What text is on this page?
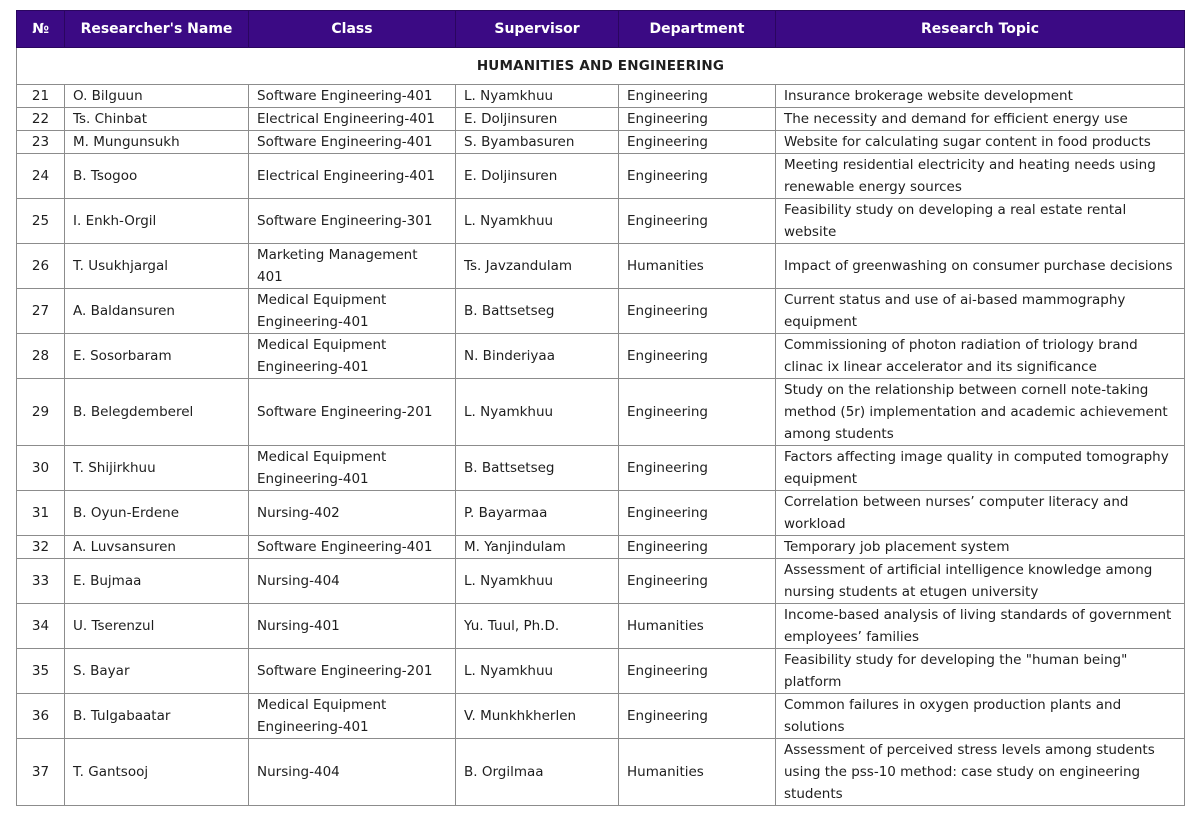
№	Researcher's Name	Class	Supervisor	Department	Research Topic
HUMANITIES AND ENGINEERING					
21	O. Bilguun	Software Engineering-401	L. Nyamkhuu	Engineering	Insurance brokerage website development
22	Ts. Chinbat	Electrical Engineering-401	E. Doljinsuren	Engineering	The necessity and demand for efficient energy use
23	M. Mungunsukh	Software Engineering-401	S. Byambasuren	Engineering	Website for calculating sugar content in food products
24	B. Tsogoo	Electrical Engineering-401	E. Doljinsuren	Engineering	Meeting residential electricity and heating needs using renewable energy sources
25	I. Enkh-Orgil	Software Engineering-301	L. Nyamkhuu	Engineering	Feasibility study on developing a real estate rental website
26	T. Usukhjargal	Marketing Management 401	Ts. Javzandulam	Humanities	Impact of greenwashing on consumer purchase decisions
27	A. Baldansuren	Medical Equipment Engineering-401	B. Battsetseg	Engineering	Current status and use of ai-based mammography equipment
28	E. Sosorbaram	Medical Equipment Engineering-401	N. Binderiyaa	Engineering	Commissioning of photon radiation of triology brand clinac ix linear accelerator and its significance
29	B. Belegdemberel	Software Engineering-201	L. Nyamkhuu	Engineering	Study on the relationship between cornell note-taking method (5r) implementation and academic achievement among students
30	T. Shijirkhuu	Medical Equipment Engineering-401	B. Battsetseg	Engineering	Factors affecting image quality in computed tomography equipment
31	B. Oyun-Erdene	Nursing-402	P. Bayarmaa	Engineering	Correlation between nurses’ computer literacy and workload
32	A. Luvsansuren	Software Engineering-401	M. Yanjindulam	Engineering	Temporary job placement system
33	E. Bujmaa	Nursing-404	L. Nyamkhuu	Engineering	Assessment of artificial intelligence knowledge among nursing students at etugen university
34	U. Tserenzul	Nursing-401	Yu. Tuul, Ph.D.	Humanities	Income-based analysis of living standards of government employees’ families
35	S. Bayar	Software Engineering-201	L. Nyamkhuu	Engineering	Feasibility study for developing the "human being" platform
36	B. Tulgabaatar	Medical Equipment Engineering-401	V. Munkhkherlen	Engineering	Common failures in oxygen production plants and solutions
37	T. Gantsooj	Nursing-404	B. Orgilmaa	Humanities	Assessment of perceived stress levels among students using the pss-10 method: case study on engineering students
